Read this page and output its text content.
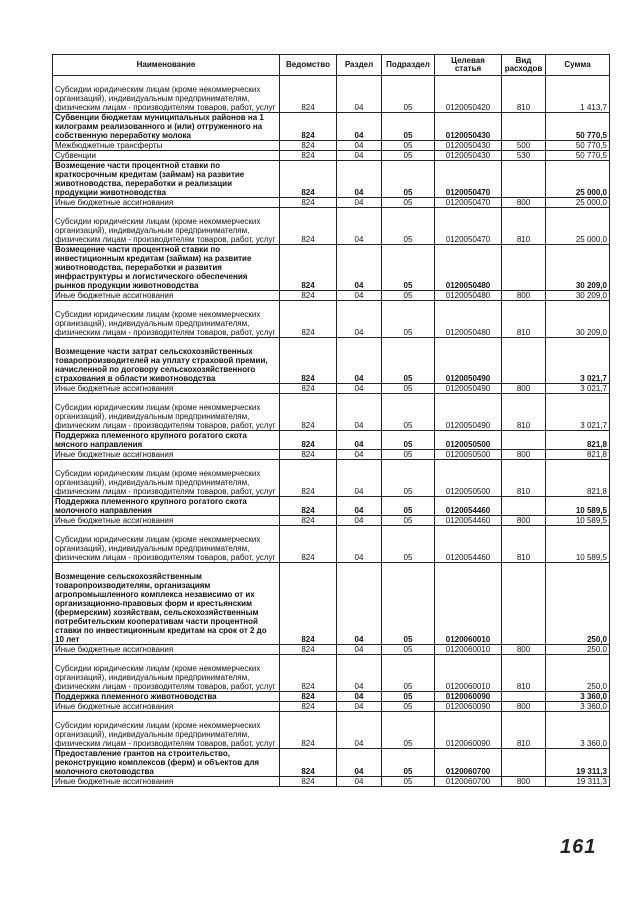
Наименование	Ведомство	Раздел	Подраздел	Целевая статья	Вид расходов	Сумма
Субсидии юридическим лицам (кроме некоммерческих организаций), индивидуальным предпринимателям, физическим лицам - производителям товаров, работ, услуг	824	04	05	0120050420	810	1 413,7
Субвенции бюджетам муниципальных районов на 1 килограмм реализованного и (или) отгруженного на собственную переработку молока	824	04	05	0120050430		50 770,5
Межбюджетные трансферты	824	04	05	0120050430	500	50 770,5
Субвенции	824	04	05	0120050430	530	50 770,5
Возмещение части процентной ставки по краткосрочным кредитам (займам) на развитие животноводства, переработки и реализации продукции животноводства	824	04	05	0120050470		25 000,0
Иные бюджетные ассигнования	824	04	05	0120050470	800	25 000,0
Субсидии юридическим лицам (кроме некоммерческих организаций), индивидуальным предпринимателям, физическим лицам - производителям товаров, работ, услуг	824	04	05	0120050470	810	25 000,0
Возмещение части процентной ставки по инвестиционным кредитам (займам) на развитие животноводства, переработки и развития инфраструктуры и логистического обеспечения рынков продукции животноводства	824	04	05	0120050480		30 209,0
Иные бюджетные ассигнования	824	04	05	0120050480	800	30 209,0
Субсидии юридическим лицам (кроме некоммерческих организаций), индивидуальным предпринимателям, физическим лицам - производителям товаров, работ, услуг	824	04	05	0120050480	810	30 209,0
Возмещение части затрат сельскохозяйственных товаропроизводителей на уплату страховой премии, начисленной по договору сельскохозяйственного страхования в области животноводства	824	04	05	0120050490		3 021,7
Иные бюджетные ассигнования	824	04	05	0120050490	800	3 021,7
Субсидии юридическим лицам (кроме некоммерческих организаций), индивидуальным предпринимателям, физическим лицам - производителям товаров, работ, услуг	824	04	05	0120050490	810	3 021,7
Поддержка племенного крупного рогатого скота мясного направления	824	04	05	0120050500		821,8
Иные бюджетные ассигнования	824	04	05	0120050500	800	821,8
Субсидии юридическим лицам (кроме некоммерческих организаций), индивидуальным предпринимателям, физическим лицам - производителям товаров, работ, услуг	824	04	05	0120050500	810	821,8
Поддержка племенного крупного рогатого скота молочного направления	824	04	05	0120054460		10 589,5
Иные бюджетные ассигнования	824	04	05	0120054460	800	10 589,5
Субсидии юридическим лицам (кроме некоммерческих организаций), индивидуальным предпринимателям, физическим лицам - производителям товаров, работ, услуг	824	04	05	0120054460	810	10 589,5
Возмещение сельскохозяйственным товаропроизводителям, организациям агропромышленного комплекса независимо от их организационно-правовых форм и крестьянским (фермерским) хозяйствам, сельскохозяйственным потребительским кооперативам части процентной ставки по инвестиционным кредитам на срок от 2 до 10 лет	824	04	05	0120060010		250,0
Иные бюджетные ассигнования	824	04	05	0120060010	800	250,0
Субсидии юридическим лицам (кроме некоммерческих организаций), индивидуальным предпринимателям, физическим лицам - производителям товаров, работ, услуг	824	04	05	0120060010	810	250,0
Поддержка племенного животноводства	824	04	05	0120060090		3 360,0
Иные бюджетные ассигнования	824	04	05	0120060090	800	3 360,0
Субсидии юридическим лицам (кроме некоммерческих организаций), индивидуальным предпринимателям, физическим лицам - производителям товаров, работ, услуг	824	04	05	0120060090	810	3 360,0
Предоставление грантов на строительство, реконструкцию комплексов (ферм) и объектов для молочного скотоводства	824	04	05	0120060700		19 311,3
Иные бюджетные ассигнования	824	04	05	0120060700	800	19 311,3
161
